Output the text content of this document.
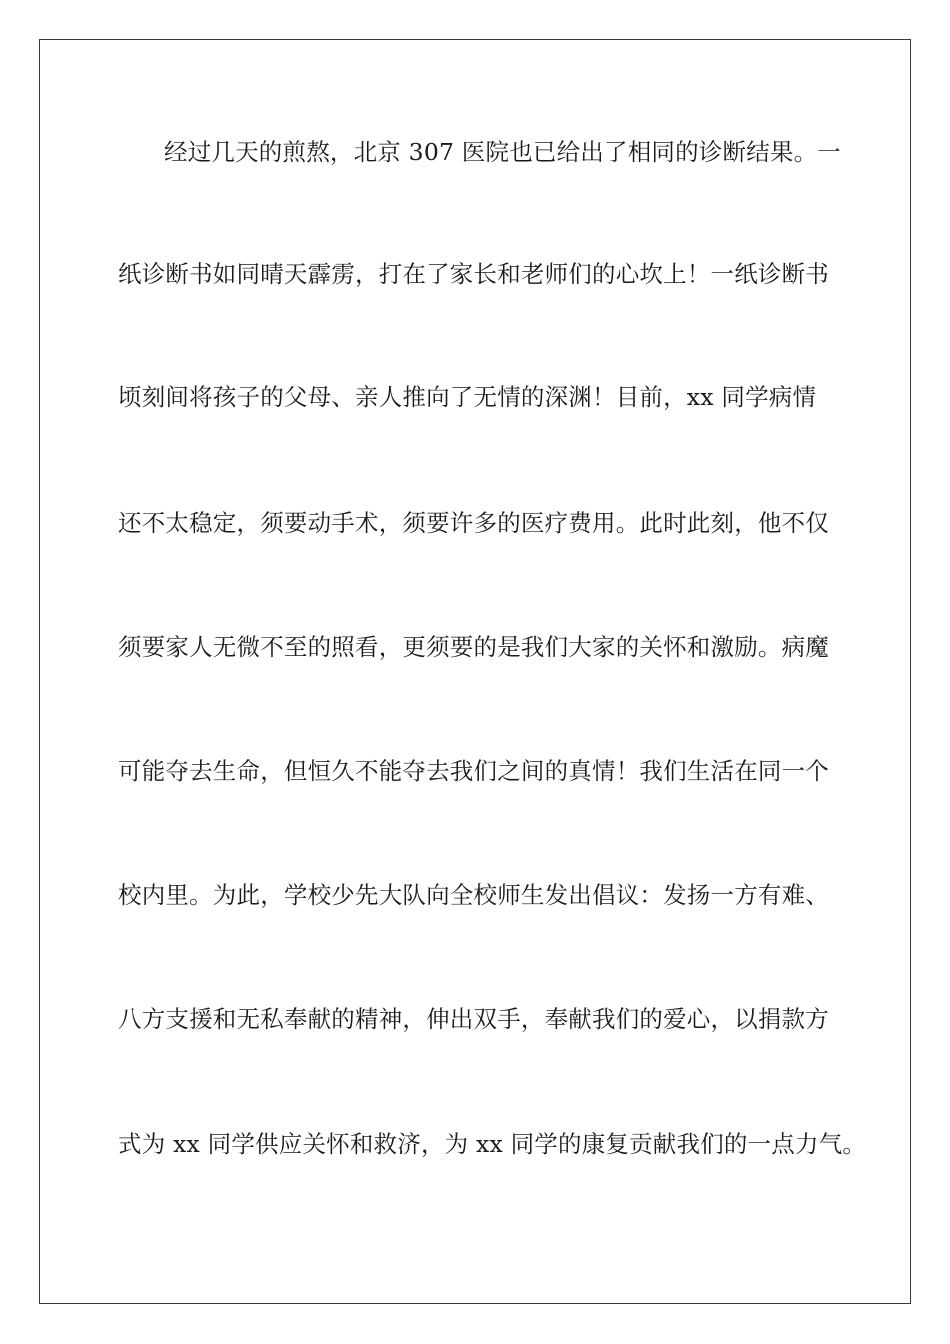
经过几天的煎熬，北京 307 医院也已给出了相同的诊断结果。一
纸诊断书如同晴天霹雳，打在了家长和老师们的心坎上！一纸诊断书
顷刻间将孩子的父母、亲人推向了无情的深渊！目前，xx 同学病情
还不太稳定，须要动手术，须要许多的医疗费用。此时此刻，他不仅
须要家人无微不至的照看，更须要的是我们大家的关怀和激励。病魔
可能夺去生命，但恒久不能夺去我们之间的真情！我们生活在同一个
校内里。为此，学校少先大队向全校师生发出倡议：发扬一方有难、
八方支援和无私奉献的精神，伸出双手，奉献我们的爱心，以捐款方
式为 xx 同学供应关怀和救济，为 xx 同学的康复贡献我们的一点力气。
